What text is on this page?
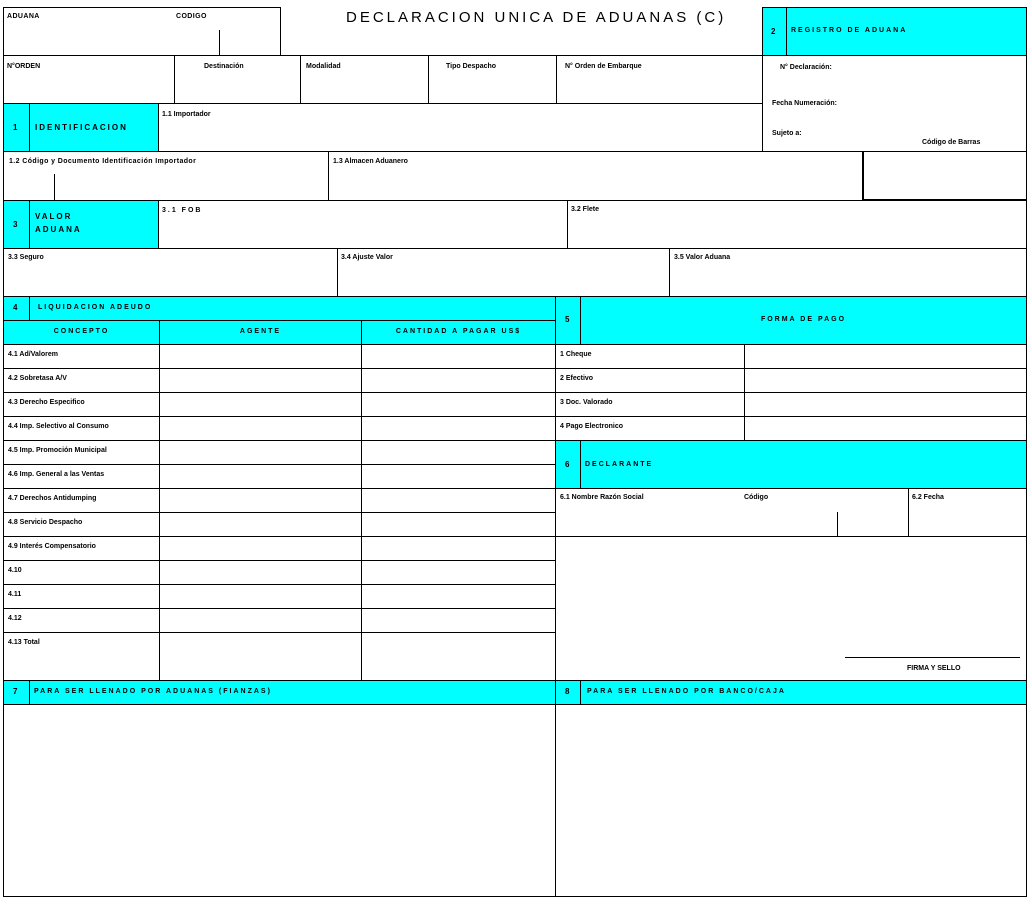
ADUANA	CODIGO	DECLARACION UNICA DE ADUANAS (C)
2 REGISTRO DE ADUANA
N°ORDEN	Destinación	Modalidad	Tipo Despacho	N° Orden de Embarque	N° Declaración:
Fecha Numeración:
Sujeto a:
Código de Barras
1 IDENTIFICACION
1.1 Importador
1.2 Código y Documento Identificación Importador	1.3 Almacen Aduanero
3
VALOR
ADUANA
3.1 FOB	3.2 Flete
3.3 Seguro	3.4 Ajuste Valor	3.5 Valor Aduana
4	LIQUIDACION ADEUDO
CONCEPTO	AGENTE	CANTIDAD A PAGAR US$
4.1 Ad/Valorem
4.2 Sobretasa A/V
4.3 Derecho Especifico
4.4 Imp. Selectivo al Consumo
4.5 Imp. Promoción Municipal
4.6 Imp. General a las Ventas
4.7 Derechos Antidumping
4.8 Servicio Despacho
4.9 Interés Compensatorio
4.10
4.11
4.12
4.13 Total
5	FORMA DE PAGO
1 Cheque
2 Efectivo
3 Doc. Valorado
4 Pago Electronico
6 DECLARANTE
6.1 Nombre Razón Social	Código	6.2 Fecha
FIRMA Y SELLO
7 PARA SER LLENADO POR ADUANAS (FIANZAS)	8	PARA SER LLENADO POR BANCO/CAJA
